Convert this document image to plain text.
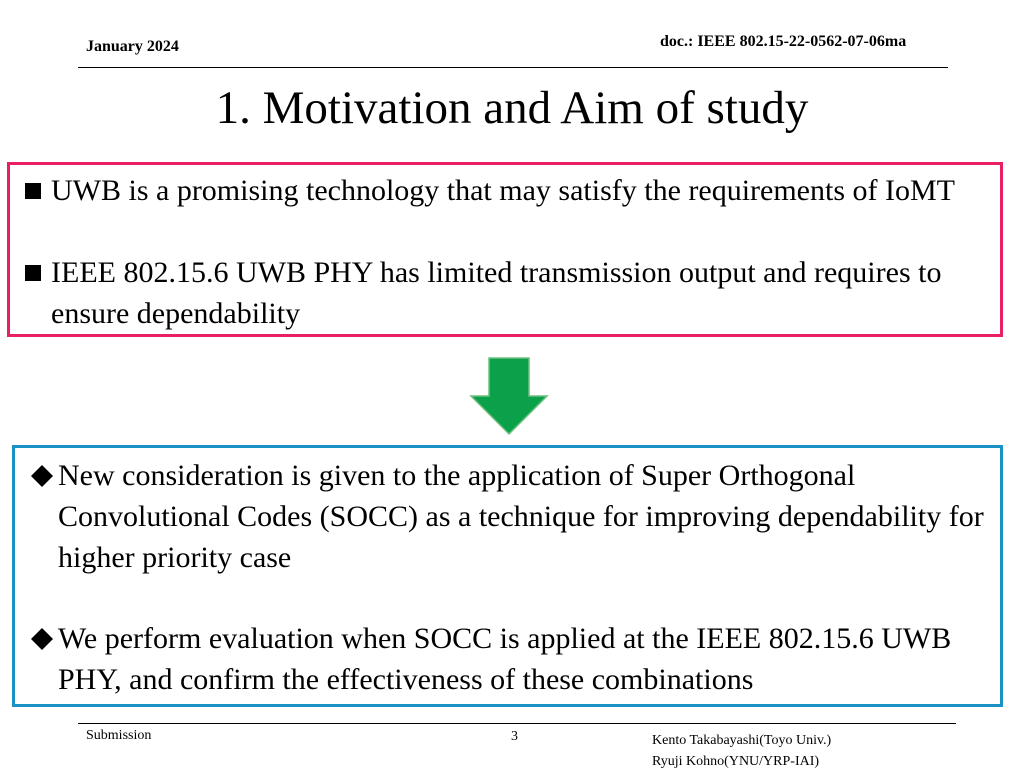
January 2024	doc.: IEEE 802.15-22-0562-07-06ma
1. Motivation and Aim of study
UWB is a promising technology that may satisfy the requirements of IoMT
IEEE 802.15.6 UWB PHY has limited transmission output and requires to ensure dependability
New consideration is given to the application of Super Orthogonal Convolutional Codes (SOCC) as a technique for improving dependability for higher priority case
We perform evaluation when SOCC is applied at the IEEE 802.15.6 UWB PHY, and confirm the effectiveness of these combinations
Submission	3	Kento Takabayashi(Toyo Univ.)
Ryuji Kohno(YNU/YRP-IAI)
